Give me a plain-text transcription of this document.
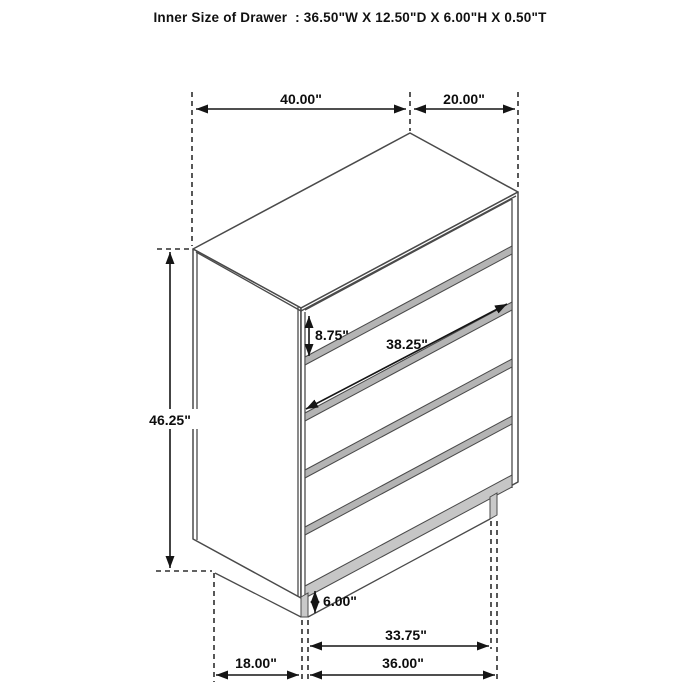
Inner Size of Drawer  : 36.50"W X 12.50"D X 6.00"H X 0.50"T
40.00"	20.00"
46.25"
8.75"
38.25"
6.00"
33.75"
18.00"	36.00"
